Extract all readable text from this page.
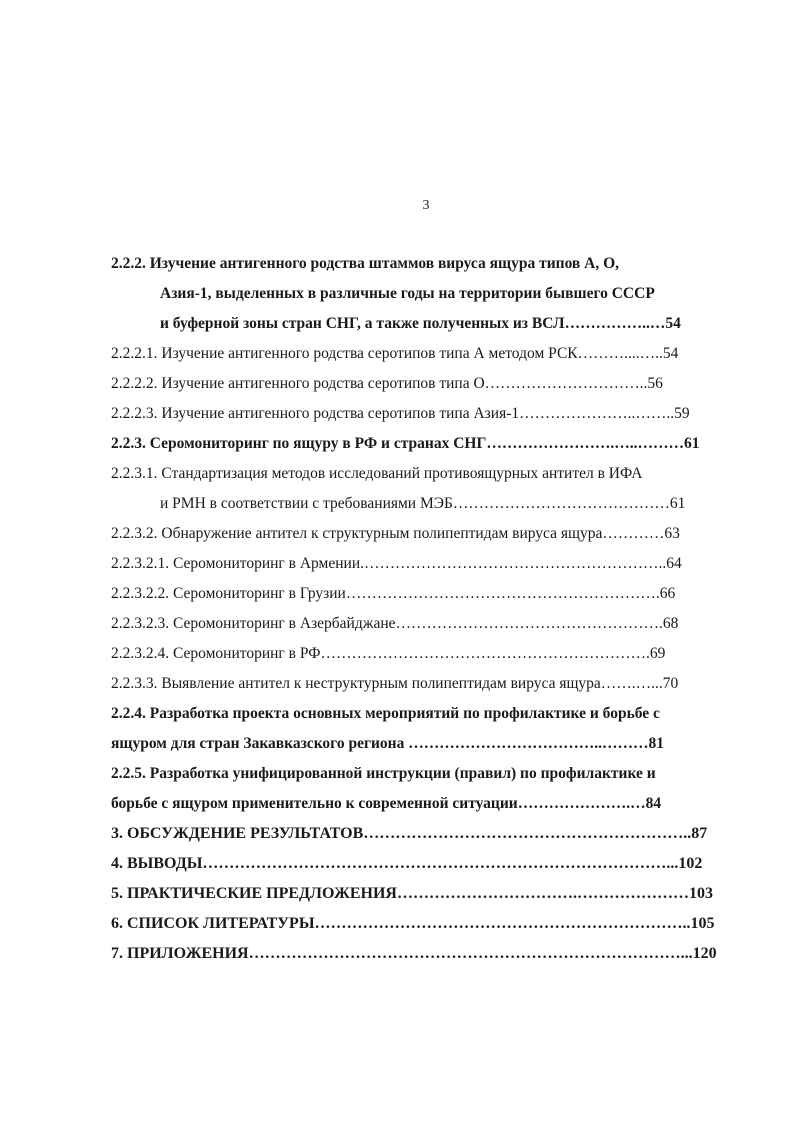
3
2.2.2. Изучение антигенного родства штаммов вируса ящура типов А, О,
Азия-1, выделенных в различные годы на территории бывшего СССР
и буферной зоны стран СНГ, а также полученных из ВСЛ……………..…54
2.2.2.1. Изучение антигенного родства серотипов типа А методом РСК………....…..54
2.2.2.2. Изучение антигенного родства серотипов типа О…………………………..56
2.2.2.3. Изучение антигенного родства серотипов типа Азия-1…………………..……..59
2.2.3. Серомониторинг по ящуру в РФ и странах СНГ…………………….…..………61
2.2.3.1. Стандартизация методов исследований противоящурных антител в ИФА
и РМН в соответствии с требованиями МЭБ……………………………………61
2.2.3.2. Обнаружение антител к структурным полипептидам вируса ящура…………63
2.2.3.2.1. Серомониторинг в Армении.…………………………………………………..64
2.2.3.2.2. Серомониторинг в Грузии…………………………………………………….66
2.2.3.2.3. Серомониторинг в Азербайджане…………………………………………….68
2.2.3.2.4. Серомониторинг в РФ……………………………………………………….69
2.2.3.3. Выявление антител к неструктурным полипептидам вируса ящура…….…...70
2.2.4. Разработка проекта основных мероприятий по профилактике и борьбе с
ящуром для стран Закавказского региона ………………………………..………81
2.2.5. Разработка унифицированной инструкции (правил) по профилактике и
борьбе с ящуром применительно к современной ситуации………………….…84
3. ОБСУЖДЕНИЕ РЕЗУЛЬТАТОВ……………………………………………………..87
4. ВЫВОДЫ……………………………………………………………………………...102
5. ПРАКТИЧЕСКИЕ ПРЕДЛОЖЕНИЯ…………………………….…………………103
6. СПИСОК ЛИТЕРАТУРЫ……………………………………………………………..105
7. ПРИЛОЖЕНИЯ………………………………………………………………………...120
